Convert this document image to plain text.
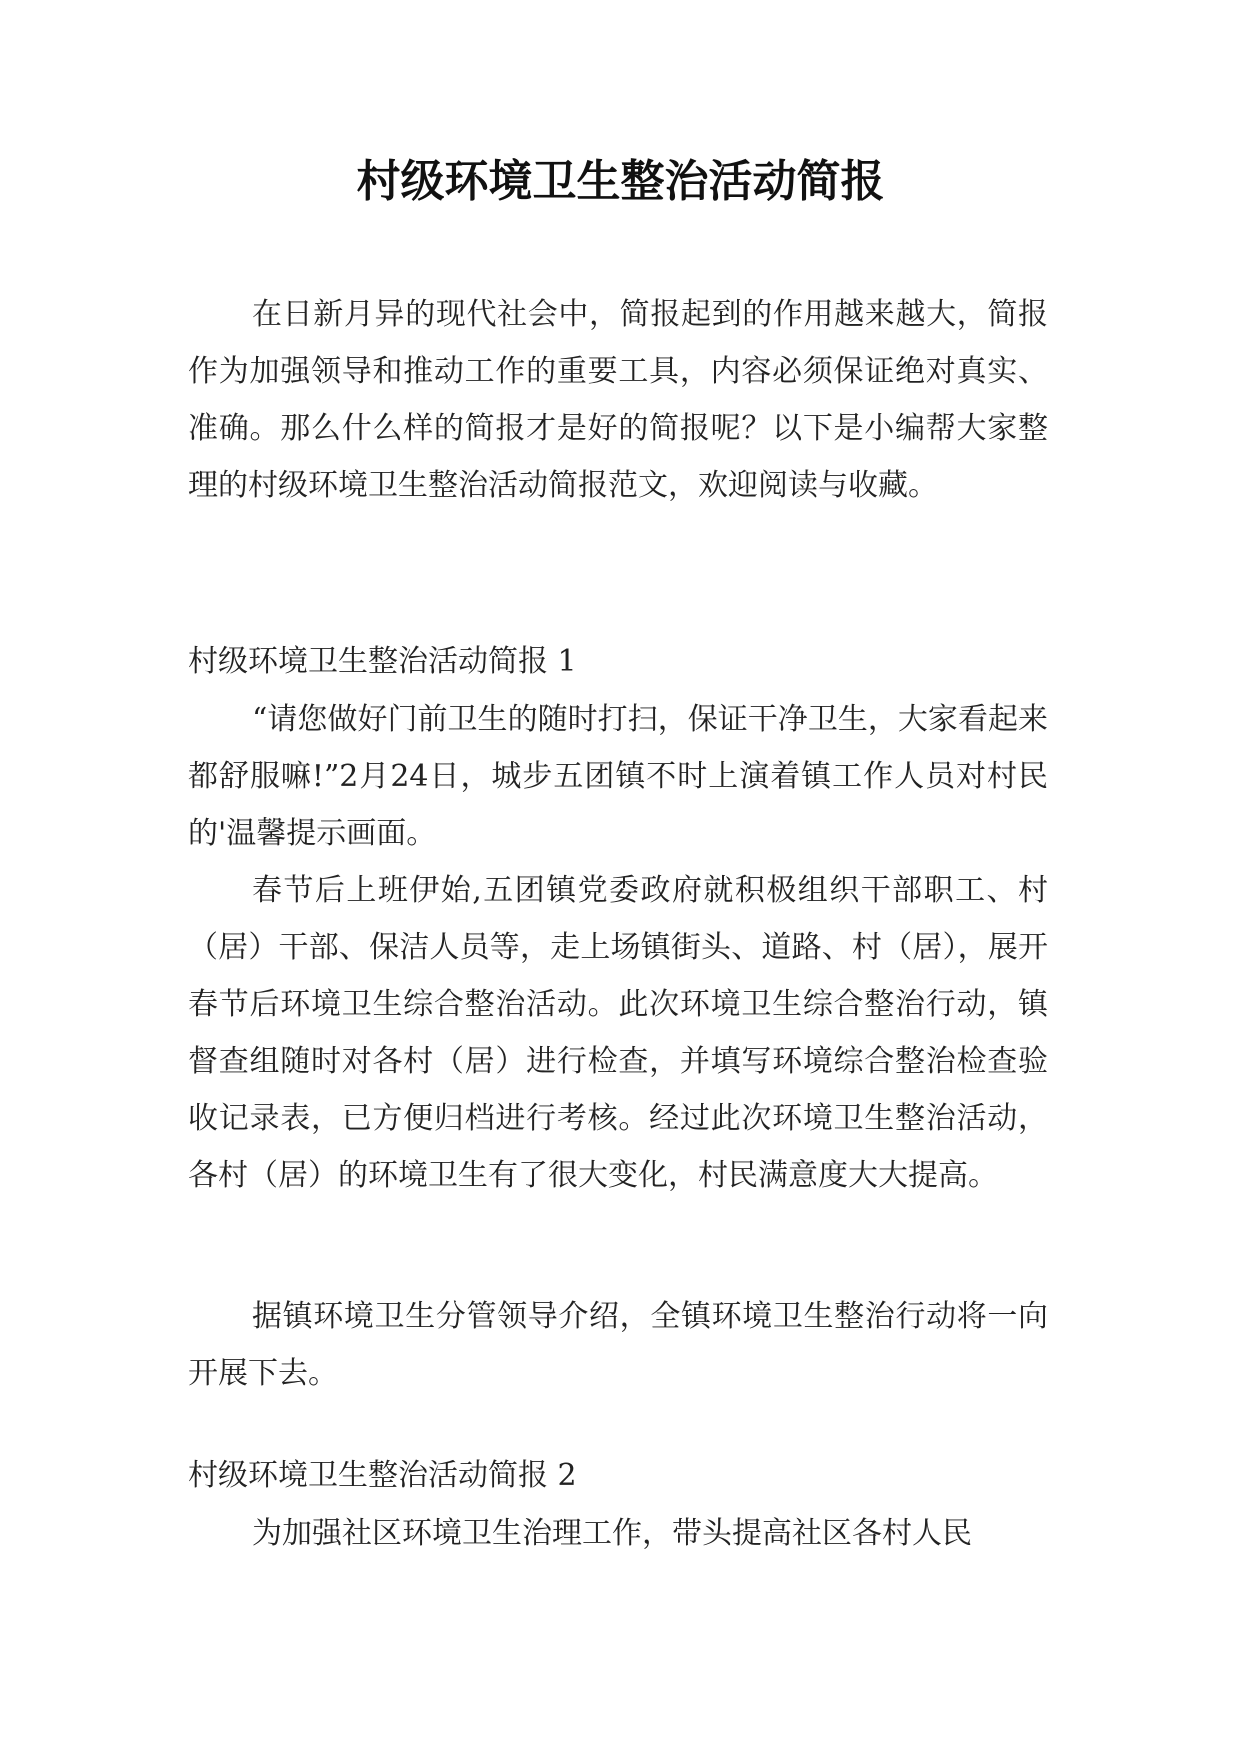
村级环境卫生整治活动简报

在日新月异的现代社会中，简报起到的作用越来越大，简报作为加强领导和推动工作的重要工具，内容必须保证绝对真实、准确。那么什么样的简报才是好的简报呢？以下是小编帮大家整理的村级环境卫生整治活动简报范文，欢迎阅读与收藏。

村级环境卫生整治活动简报 1

“请您做好门前卫生的随时打扫，保证干净卫生，大家看起来都舒服嘛!”2月24日，城步五团镇不时上演着镇工作人员对村民的'温馨提示画面。

春节后上班伊始,五团镇党委政府就积极组织干部职工、村（居）干部、保洁人员等，走上场镇街头、道路、村（居），展开春节后环境卫生综合整治活动。此次环境卫生综合整治行动，镇督查组随时对各村（居）进行检查，并填写环境综合整治检查验收记录表，已方便归档进行考核。经过此次环境卫生整治活动，各村（居）的环境卫生有了很大变化，村民满意度大大提高。

据镇环境卫生分管领导介绍，全镇环境卫生整治行动将一向开展下去。

村级环境卫生整治活动简报 2

为加强社区环境卫生治理工作，带头提高社区各村人民
